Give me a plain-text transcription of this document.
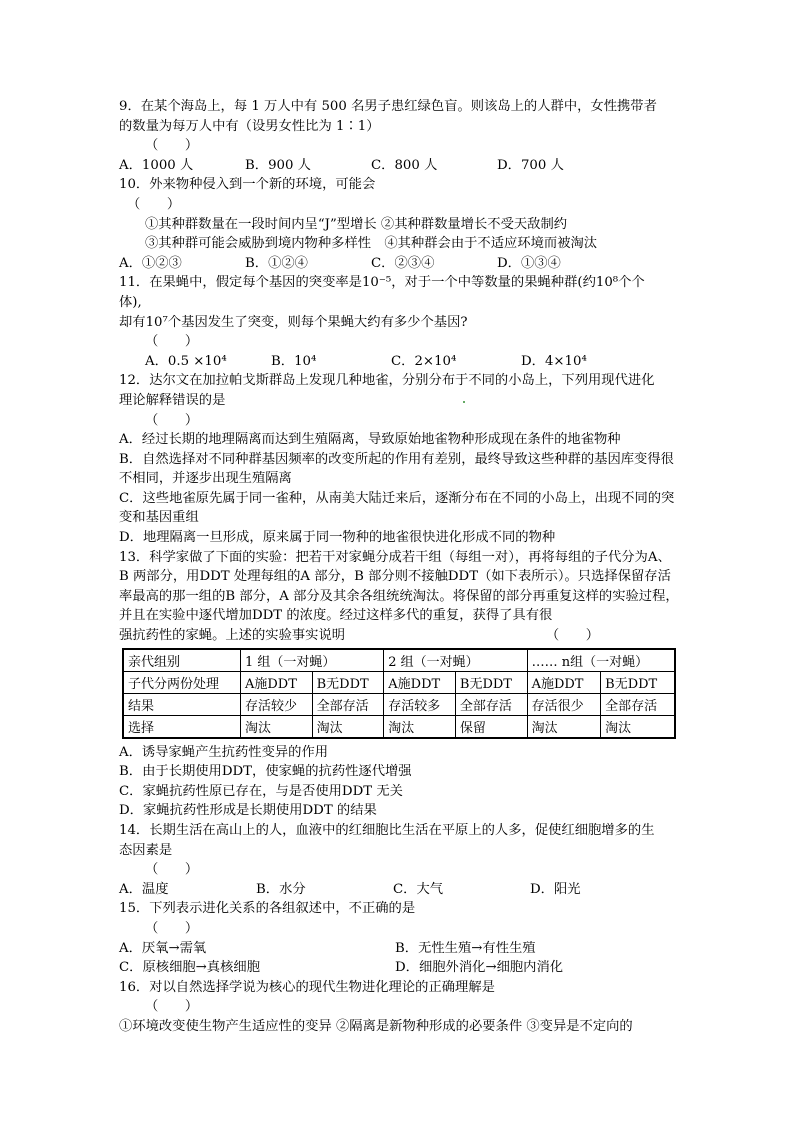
9．在某个海岛上，每 1 万人中有 500 名男子患红绿色盲。则该岛上的人群中，女性携带者
的数量为每万人中有（设男女性比为 1∶1）
（　　）
A．1000 人	B．900 人	C．800 人	D．700 人
10．外来物种侵入到一个新的环境，可能会
（　　）
①其种群数量在一段时间内呈“J”型增长 ②其种群数量增长不受天敌制约
③其种群可能会威胁到境内物种多样性　④其种群会由于不适应环境而被淘汰
A．①②③	B．①②④	C．②③④	D．①③④
11．在果蝇中，假定每个基因的突变率是10⁻⁵，对于一个中等数量的果蝇种群(约10⁸个个
体),
却有10⁷个基因发生了突变，则每个果蝇大约有多少个基因?
（　　）
A．0.5 ×10⁴	B．10⁴	C．2×10⁴	D．4×10⁴
12．达尔文在加拉帕戈斯群岛上发现几种地雀，分别分布于不同的小岛上，下列用现代进化
理论解释错误的是
（　　）
A．经过长期的地理隔离而达到生殖隔离，导致原始地雀物种形成现在条件的地雀物种
B．自然选择对不同种群基因频率的改变所起的作用有差别，最终导致这些种群的基因库变得很不相同，并逐步出现生殖隔离
C．这些地雀原先属于同一雀种，从南美大陆迁来后，逐渐分布在不同的小岛上，出现不同的突变和基因重组
D．地理隔离一旦形成，原来属于同一物种的地雀很快进化形成不同的物种
13．科学家做了下面的实验：把若干对家蝇分成若干组（每组一对），再将每组的子代分为A、B 两部分，用DDT 处理每组的A 部分，B 部分则不接触DDT（如下表所示）。只选择保留存活率最高的那一组的B 部分，A 部分及其余各组统统淘汰。将保留的部分再重复这样的实验过程，并且在实验中逐代增加DDT 的浓度。经过这样多代的重复，获得了具有很
强抗药性的家蝇。上述的实验事实说明	（　　）
亲代组别	1 组（一对蝇）		2 组（一对蝇）		…… n组（一对蝇）	
子代分两份处理	A施DDT	B无DDT	A施DDT	B无DDT	A施DDT	B无DDT
结果	存活较少	全部存活	存活较多	全部存活	存活很少	全部存活
选择	淘汰	淘汰	淘汰	保留	淘汰	淘汰
A．诱导家蝇产生抗药性变异的作用
B．由于长期使用DDT，使家蝇的抗药性逐代增强
C．家蝇抗药性原已存在，与是否使用DDT 无关
D．家蝇抗药性形成是长期使用DDT 的结果
14．长期生活在高山上的人，血液中的红细胞比生活在平原上的人多，促使红细胞增多的生
态因素是
（　　）
A．温度	B．水分	C．大气	D．阳光
15．下列表示进化关系的各组叙述中，不正确的是
（　　）
A．厌氧→需氧	B．无性生殖→有性生殖
C．原核细胞→真核细胞	D．细胞外消化→细胞内消化
16．对以自然选择学说为核心的现代生物进化理论的正确理解是
（　　）
①环境改变使生物产生适应性的变异 ②隔离是新物种形成的必要条件 ③变异是不定向的
